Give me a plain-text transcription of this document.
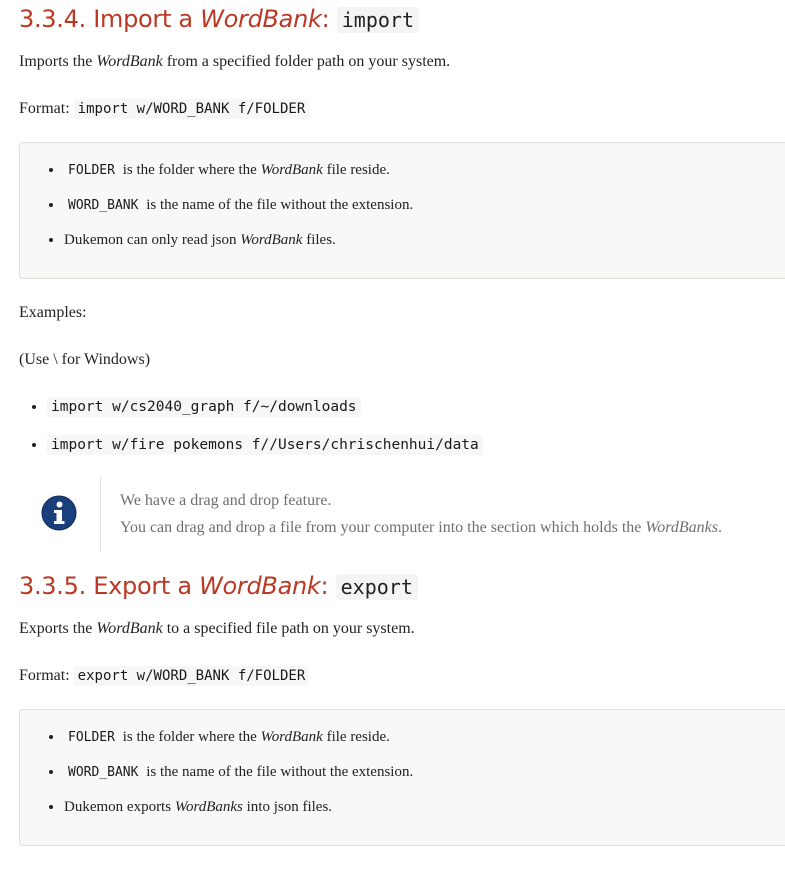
3.3.4. Import a WordBank: import

Imports the WordBank from a specified folder path on your system.

Format: import w/WORD_BANK f/FOLDER

• FOLDER is the folder where the WordBank file reside.
• WORD_BANK is the name of the file without the extension.
• Dukemon can only read json WordBank files.

Examples:

(Use \ for Windows)

• import w/cs2040_graph f/~/downloads
• import w/fire pokemons f//Users/chrischenhui/data
We have a drag and drop feature.
You can drag and drop a file from your computer into the section which holds the WordBanks.
3.3.5. Export a WordBank: export

Exports the WordBank to a specified file path on your system.

Format: export w/WORD_BANK f/FOLDER

• FOLDER is the folder where the WordBank file reside.
• WORD_BANK is the name of the file without the extension.
• Dukemon exports WordBanks into json files.
